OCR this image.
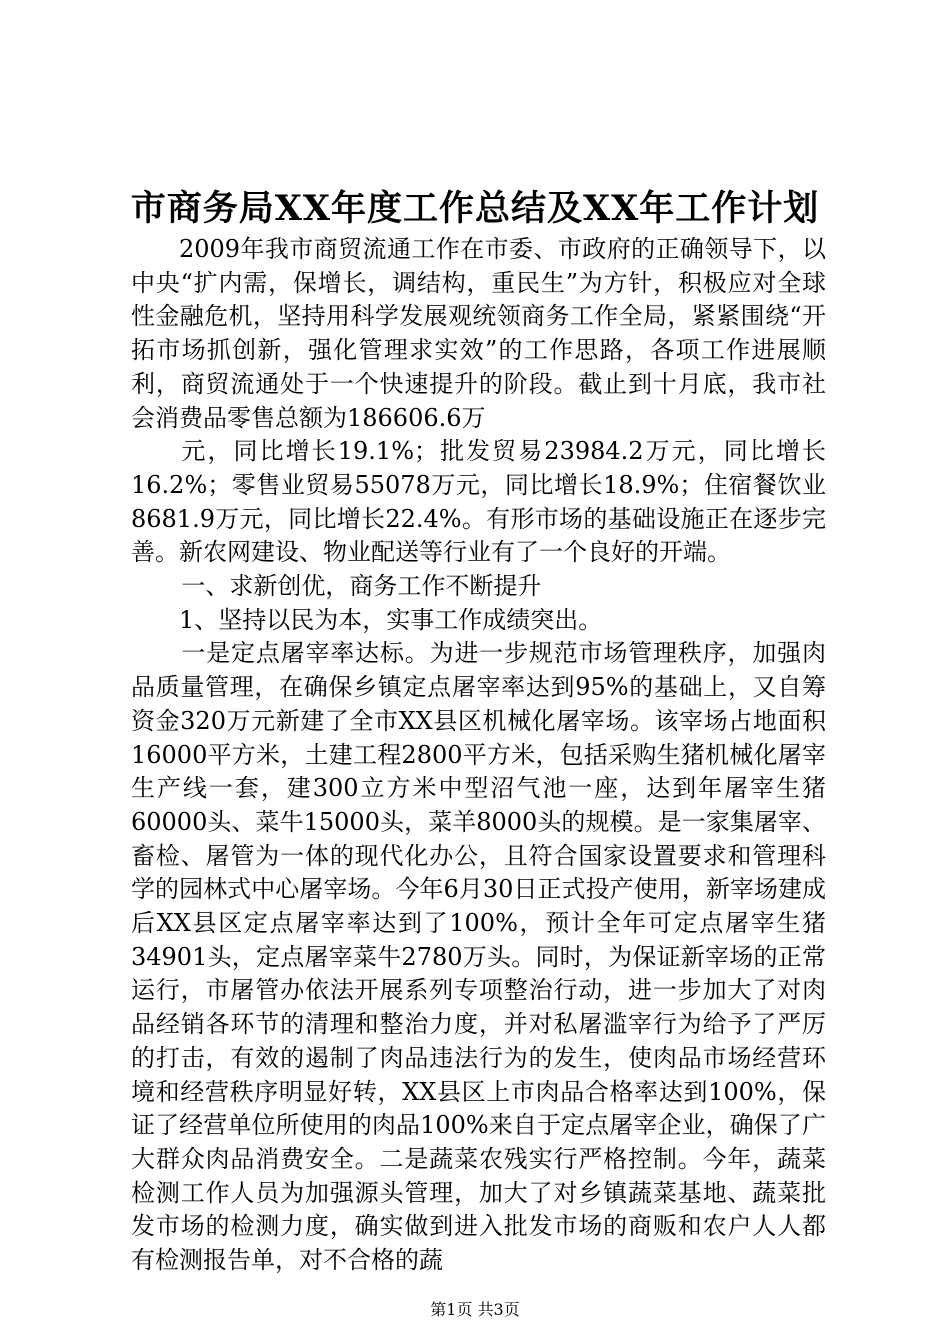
市商务局XX年度工作总结及XX年工作计划

2009年我市商贸流通工作在市委、市政府的正确领导下，以中央“扩内需，保增长，调结构，重民生”为方针，积极应对全球性金融危机，坚持用科学发展观统领商务工作全局，紧紧围绕“开拓市场抓创新，强化管理求实效”的工作思路，各项工作进展顺利，商贸流通处于一个快速提升的阶段。截止到十月底，我市社会消费品零售总额为186606.6万

元，同比增长19.1%；批发贸易23984.2万元，同比增长16.2%；零售业贸易55078万元，同比增长18.9%；住宿餐饮业8681.9万元，同比增长22.4%。有形市场的基础设施正在逐步完善。新农网建设、物业配送等行业有了一个良好的开端。

一、求新创优，商务工作不断提升

1、坚持以民为本，实事工作成绩突出。

一是定点屠宰率达标。为进一步规范市场管理秩序，加强肉品质量管理，在确保乡镇定点屠宰率达到95%的基础上，又自筹资金320万元新建了全市XX县区机械化屠宰场。该宰场占地面积16000平方米，土建工程2800平方米，包括采购生猪机械化屠宰生产线一套，建300立方米中型沼气池一座，达到年屠宰生猪60000头、菜牛15000头，菜羊8000头的规模。是一家集屠宰、畜检、屠管为一体的现代化办公，且符合国家设置要求和管理科学的园林式中心屠宰场。今年6月30日正式投产使用，新宰场建成后XX县区定点屠宰率达到了100%，预计全年可定点屠宰生猪34901头，定点屠宰菜牛2780万头。同时，为保证新宰场的正常运行，市屠管办依法开展系列专项整治行动，进一步加大了对肉品经销各环节的清理和整治力度，并对私屠滥宰行为给予了严厉的打击，有效的遏制了肉品违法行为的发生，使肉品市场经营环境和经营秩序明显好转，XX县区上市肉品合格率达到100%，保证了经营单位所使用的肉品100%来自于定点屠宰企业，确保了广大群众肉品消费安全。二是蔬菜农残实行严格控制。今年，蔬菜检测工作人员为加强源头管理，加大了对乡镇蔬菜基地、蔬菜批发市场的检测力度，确实做到进入批发市场的商贩和农户人人都有检测报告单，对不合格的蔬

第1页 共3页
